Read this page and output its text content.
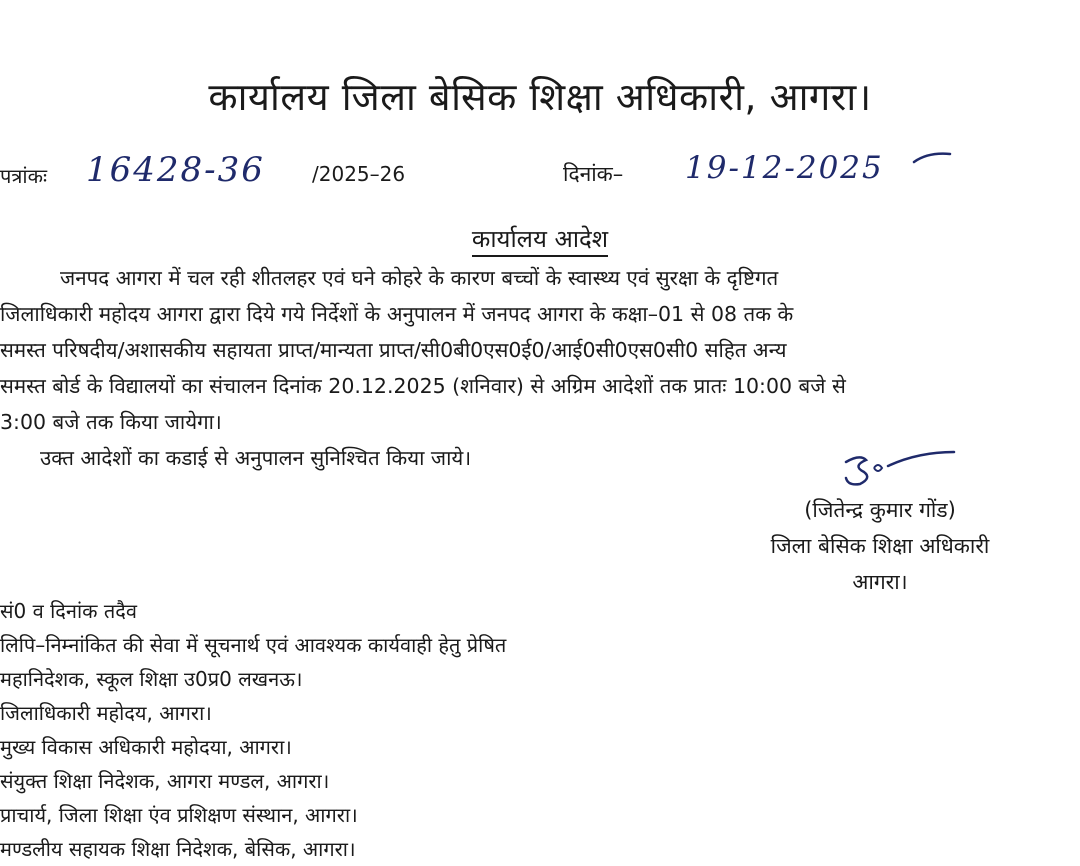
कार्यालय जिला बेसिक शिक्षा अधिकारी, आगरा।
पत्रांकः 16428-36 /2025–26	दिनांक– 19-12-2025
कार्यालय आदेश
जनपद आगरा में चल रही शीतलहर एवं घने कोहरे के कारण बच्चों के स्वास्थ्य एवं सुरक्षा के दृष्टिगत
जिलाधिकारी महोदय आगरा द्वारा दिये गये निर्देशों के अनुपालन में जनपद आगरा के कक्षा–01 से 08 तक के
समस्त परिषदीय/अशासकीय सहायता प्राप्त/मान्यता प्राप्त/सी0बी0एस0ई0/आई0सी0एस0सी0 सहित अन्य
समस्त बोर्ड के विद्यालयों का संचालन दिनांक 20.12.2025 (शनिवार) से अग्रिम आदेशों तक प्रातः 10:00 बजे से
3:00 बजे तक किया जायेगा।
उक्त आदेशों का कडाई से अनुपालन सुनिश्चित किया जाये।
(जितेन्द्र कुमार गोंड)
जिला बेसिक शिक्षा अधिकारी
आगरा।
सं0 व दिनांक तदैव
लिपि–निम्नांकित की सेवा में सूचनार्थ एवं आवश्यक कार्यवाही हेतु प्रेषित
महानिदेशक, स्कूल शिक्षा उ0प्र0 लखनऊ।
जिलाधिकारी महोदय, आगरा।
मुख्य विकास अधिकारी महोदया, आगरा।
संयुक्त शिक्षा निदेशक, आगरा मण्डल, आगरा।
प्राचार्य, जिला शिक्षा एंव प्रशिक्षण संस्थान, आगरा।
मण्डलीय सहायक शिक्षा निदेशक, बेसिक, आगरा।
